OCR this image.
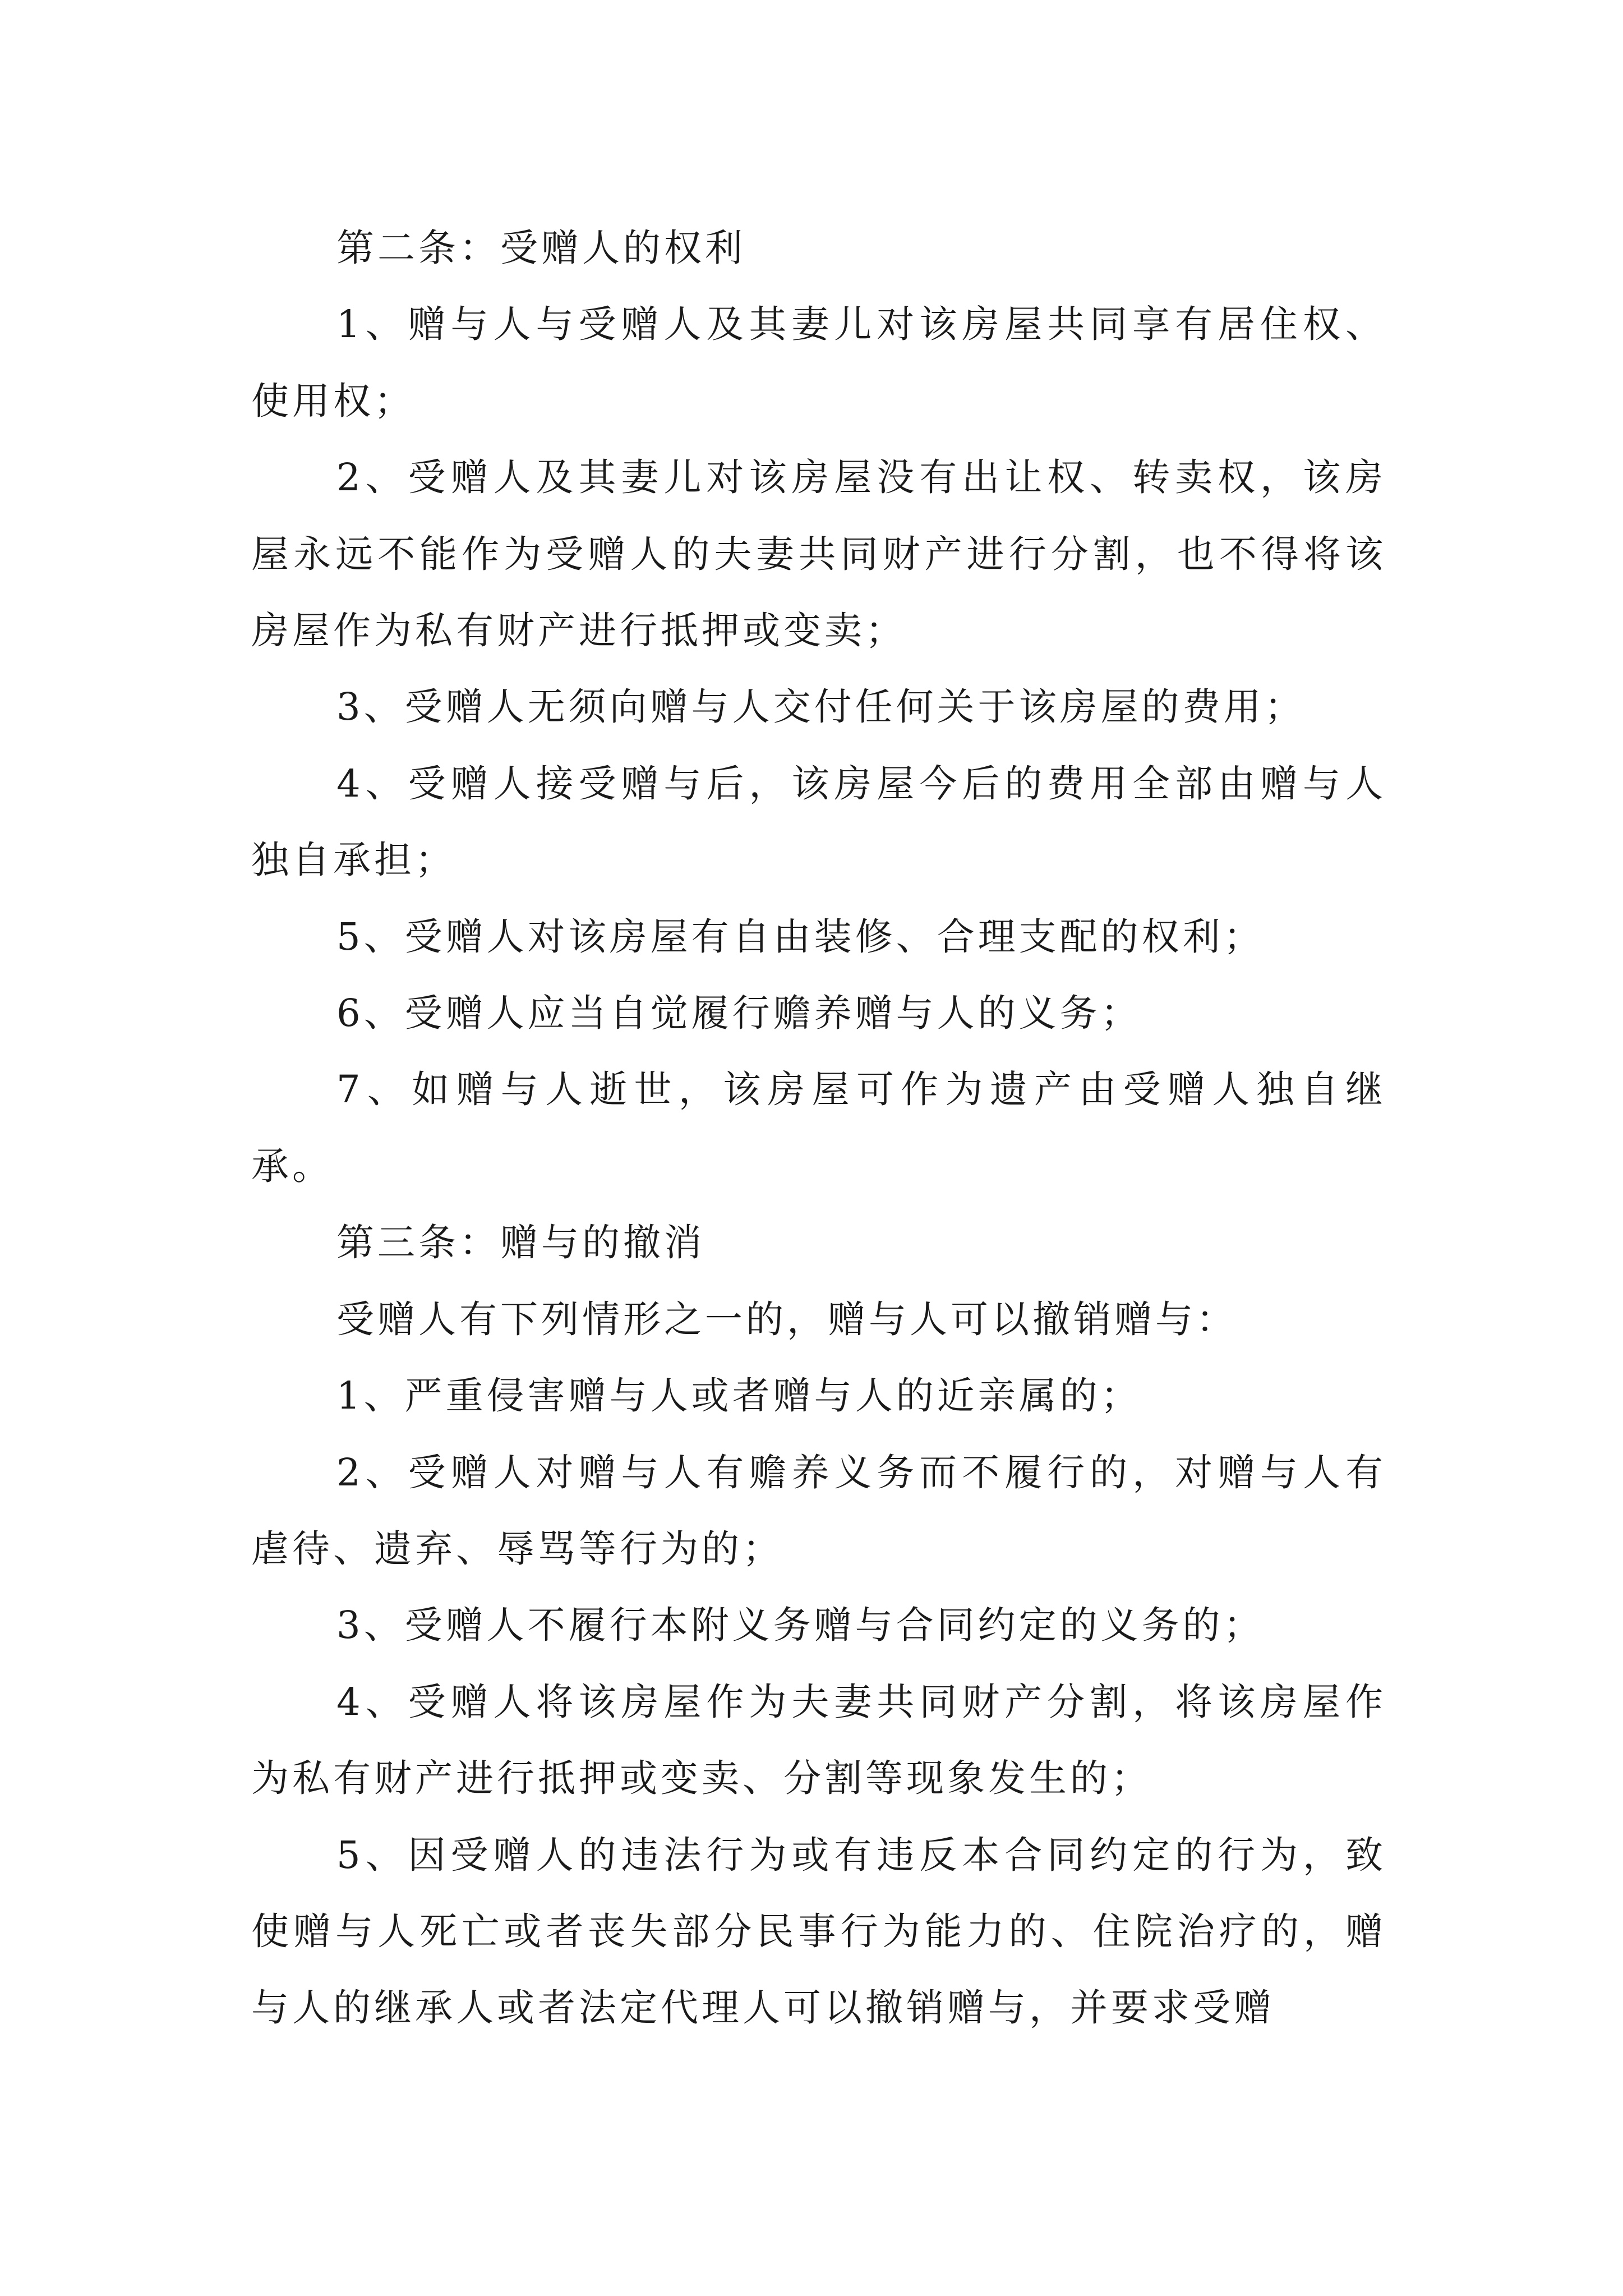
第二条：受赠人的权利

1、赠与人与受赠人及其妻儿对该房屋共同享有居住权、使用权；

2、受赠人及其妻儿对该房屋没有出让权、转卖权，该房屋永远不能作为受赠人的夫妻共同财产进行分割，也不得将该房屋作为私有财产进行抵押或变卖；

3、受赠人无须向赠与人交付任何关于该房屋的费用；

4、受赠人接受赠与后，该房屋今后的费用全部由赠与人独自承担；

5、受赠人对该房屋有自由装修、合理支配的权利；

6、受赠人应当自觉履行赡养赠与人的义务；

7、如赠与人逝世，该房屋可作为遗产由受赠人独自继承。

第三条：赠与的撤消

受赠人有下列情形之一的，赠与人可以撤销赠与：

1、严重侵害赠与人或者赠与人的近亲属的；

2、受赠人对赠与人有赡养义务而不履行的，对赠与人有虐待、遗弃、辱骂等行为的；

3、受赠人不履行本附义务赠与合同约定的义务的；

4、受赠人将该房屋作为夫妻共同财产分割，将该房屋作为私有财产进行抵押或变卖、分割等现象发生的；

5、因受赠人的违法行为或有违反本合同约定的行为，致使赠与人死亡或者丧失部分民事行为能力的、住院治疗的，赠与人的继承人或者法定代理人可以撤销赠与，并要求受赠
